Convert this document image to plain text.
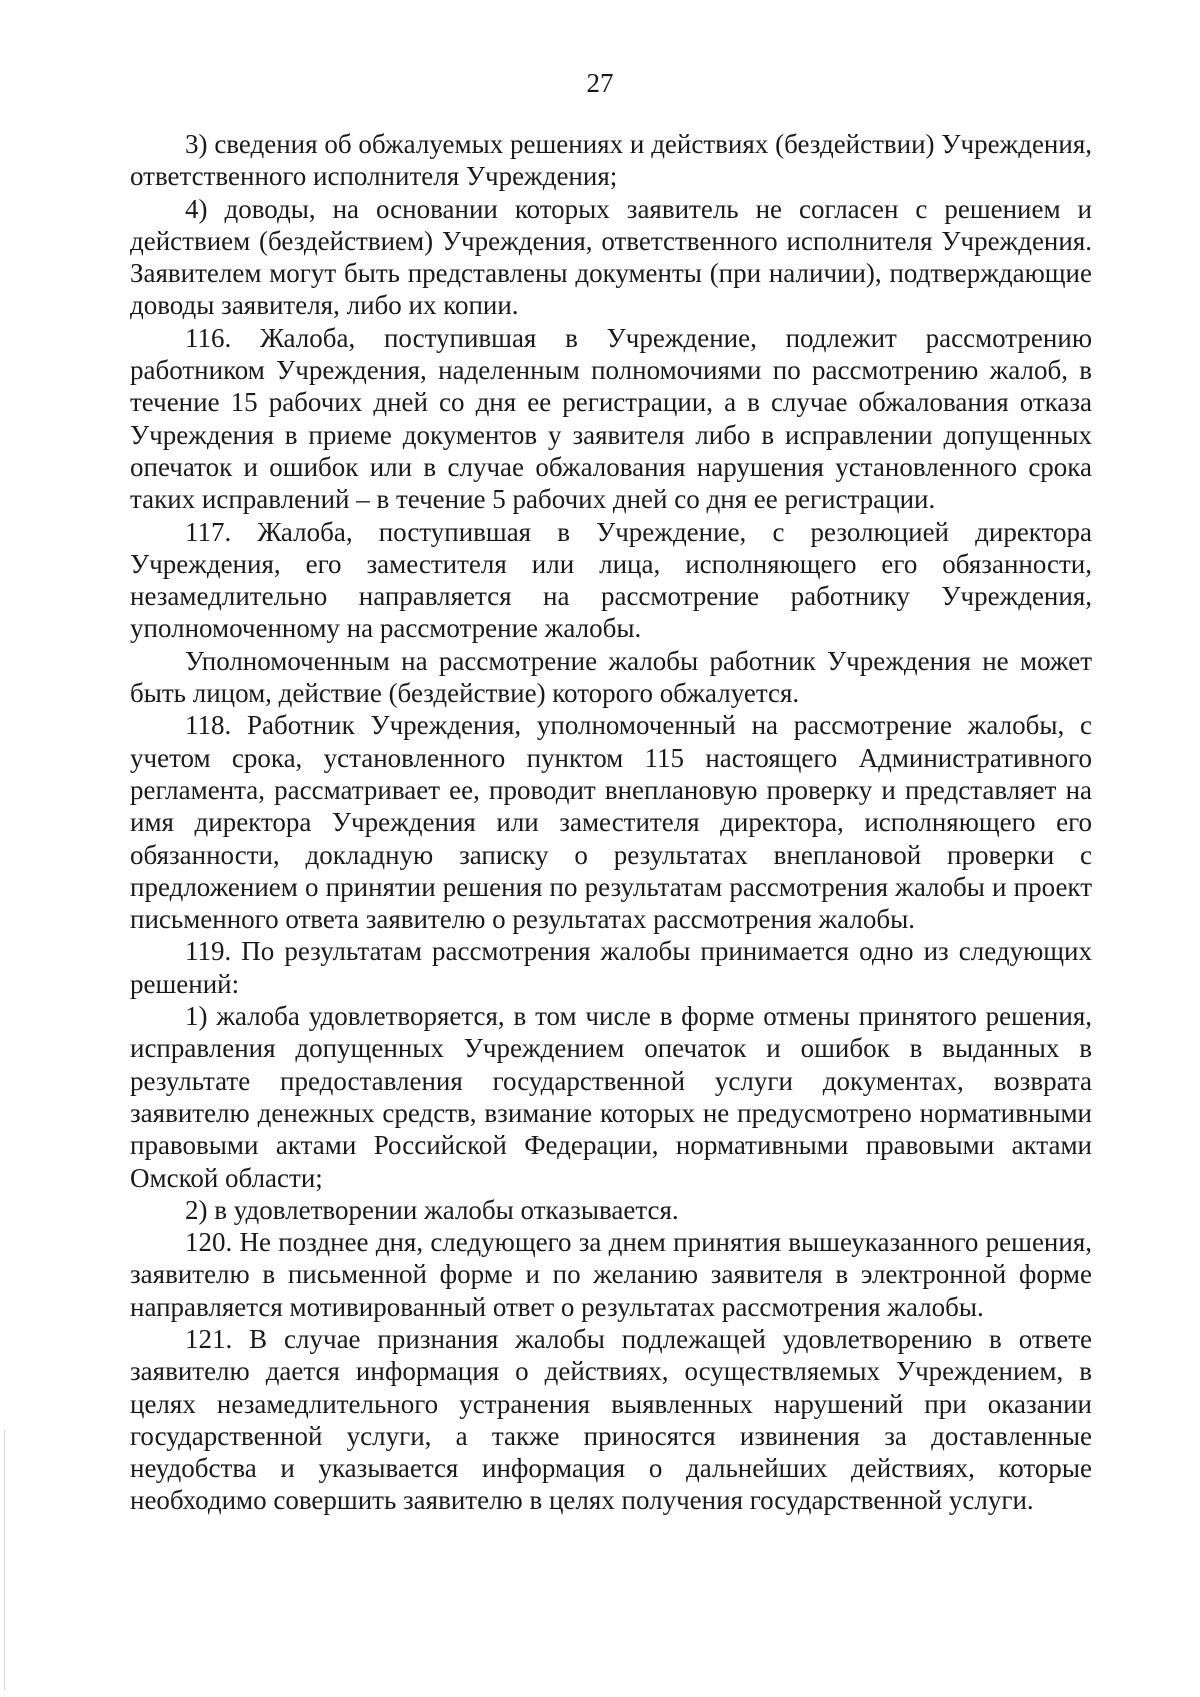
27

3) сведения об обжалуемых решениях и действиях (бездействии) Учреждения, ответственного исполнителя Учреждения;

4) доводы, на основании которых заявитель не согласен с решением и действием (бездействием) Учреждения, ответственного исполнителя Учреждения. Заявителем могут быть представлены документы (при наличии), подтверждающие доводы заявителя, либо их копии.

116. Жалоба, поступившая в Учреждение, подлежит рассмотрению работником Учреждения, наделенным полномочиями по рассмотрению жалоб, в течение 15 рабочих дней со дня ее регистрации, а в случае обжалования отказа Учреждения в приеме документов у заявителя либо в исправлении допущенных опечаток и ошибок или в случае обжалования нарушения установленного срока таких исправлений – в течение 5 рабочих дней со дня ее регистрации.

117. Жалоба, поступившая в Учреждение, с резолюцией директора Учреждения, его заместителя или лица, исполняющего его обязанности, незамедлительно направляется на рассмотрение работнику Учреждения, уполномоченному на рассмотрение жалобы.

Уполномоченным на рассмотрение жалобы работник Учреждения не может быть лицом, действие (бездействие) которого обжалуется.

118. Работник Учреждения, уполномоченный на рассмотрение жалобы, с учетом срока, установленного пунктом 115 настоящего Административного регламента, рассматривает ее, проводит внеплановую проверку и представляет на имя директора Учреждения или заместителя директора, исполняющего его обязанности, докладную записку о результатах внеплановой проверки с предложением о принятии решения по результатам рассмотрения жалобы и проект письменного ответа заявителю о результатах рассмотрения жалобы.

119. По результатам рассмотрения жалобы принимается одно из следующих решений:

1) жалоба удовлетворяется, в том числе в форме отмены принятого решения, исправления допущенных Учреждением опечаток и ошибок в выданных в результате предоставления государственной услуги документах, возврата заявителю денежных средств, взимание которых не предусмотрено нормативными правовыми актами Российской Федерации, нормативными правовыми актами Омской области;

2) в удовлетворении жалобы отказывается.

120. Не позднее дня, следующего за днем принятия вышеуказанного решения, заявителю в письменной форме и по желанию заявителя в электронной форме направляется мотивированный ответ о результатах рассмотрения жалобы.

121. В случае признания жалобы подлежащей удовлетворению в ответе заявителю дается информация о действиях, осуществляемых Учреждением, в целях незамедлительного устранения выявленных нарушений при оказании государственной услуги, а также приносятся извинения за доставленные неудобства и указывается информация о дальнейших действиях, которые необходимо совершить заявителю в целях получения государственной услуги.
